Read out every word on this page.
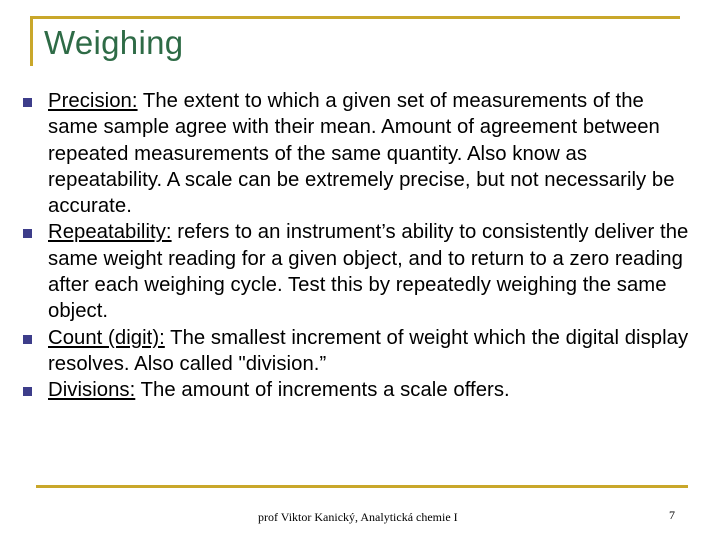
Weighing
Precision: The extent to which a given set of measurements of the same sample agree with their mean. Amount of agreement between repeated measurements of the same quantity. Also know as repeatability. A scale can be extremely precise, but not necessarily be accurate.
Repeatability: refers to an instrument’s ability to consistently deliver the same weight reading for a given object, and to return to a zero reading after each weighing cycle. Test this by repeatedly weighing the same object.
Count (digit): The smallest increment of weight which the digital display resolves. Also called "division.”
Divisions: The amount of increments a scale offers.
prof Viktor Kanický, Analytická chemie I	7
